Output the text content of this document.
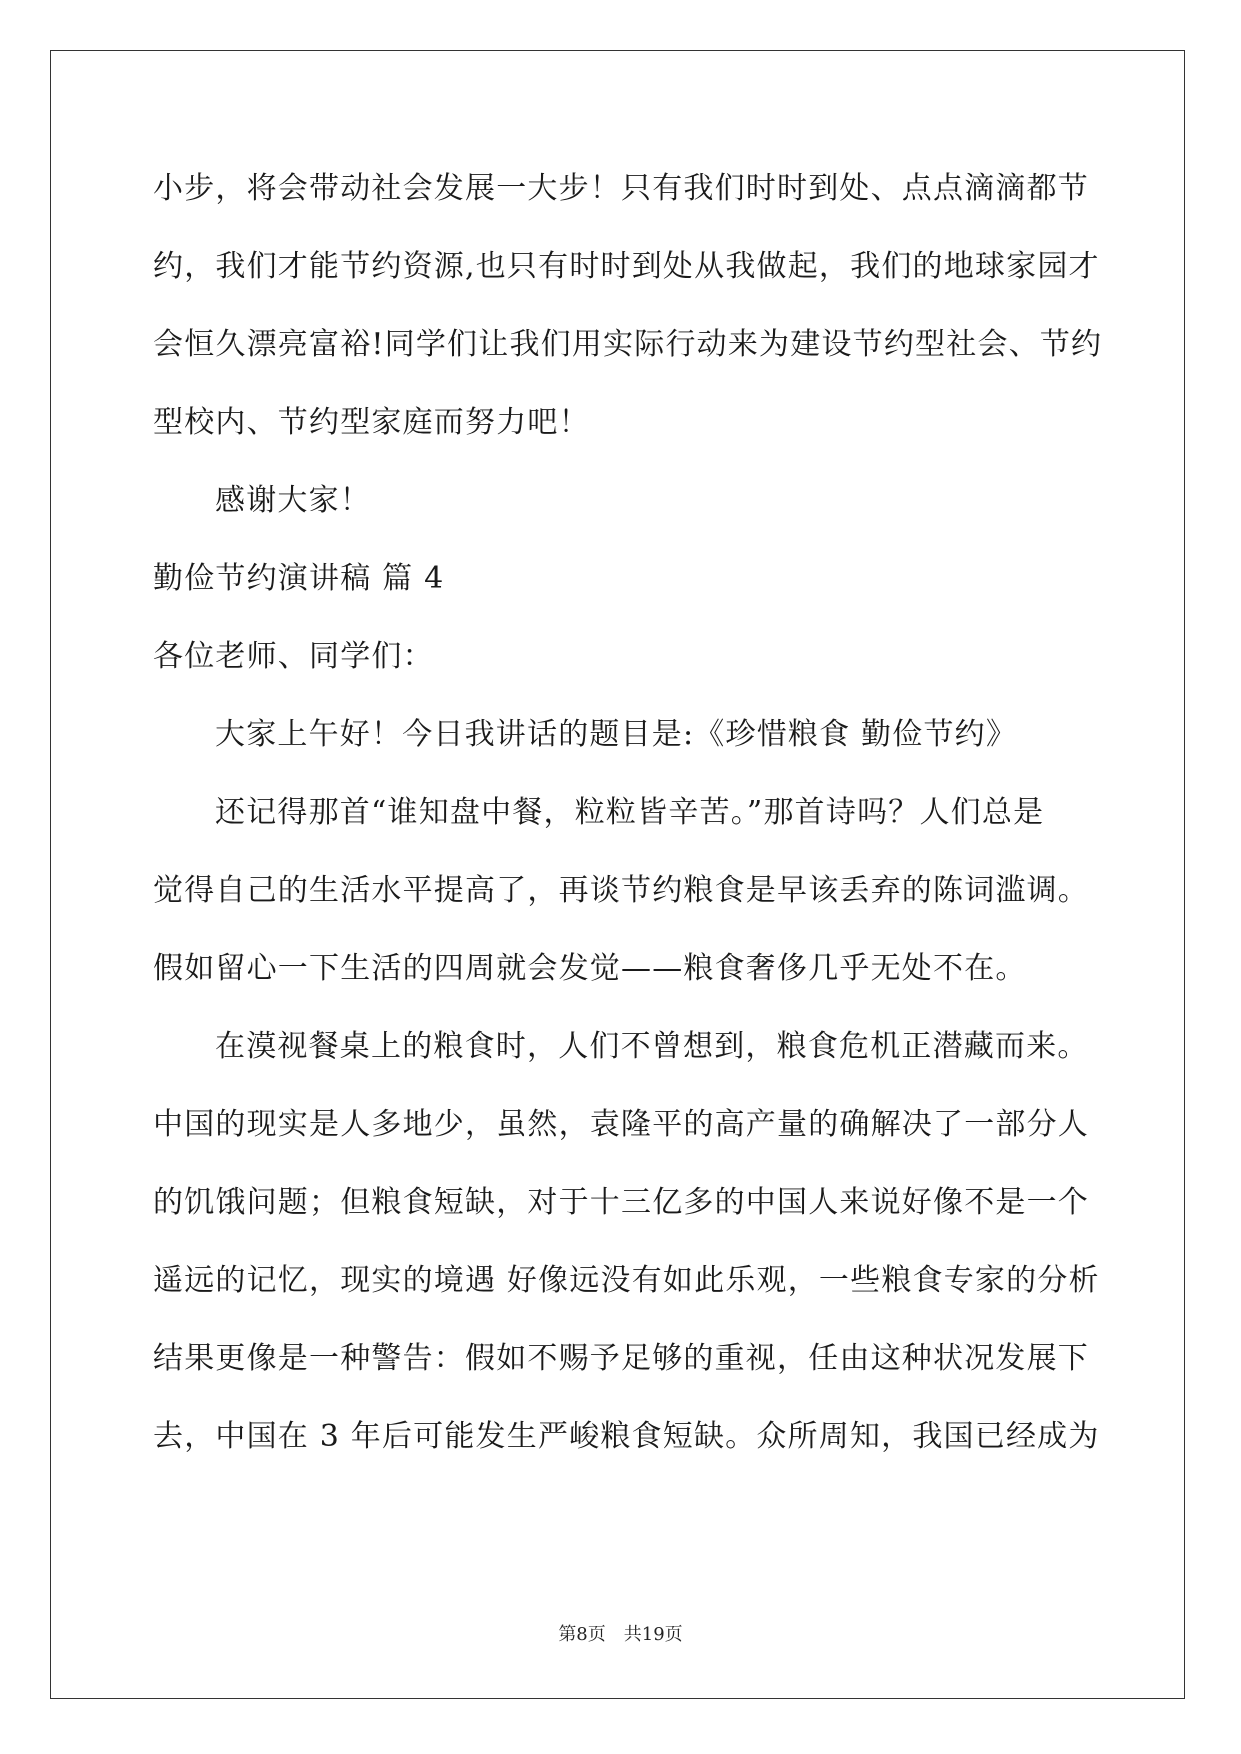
小步，将会带动社会发展一大步！只有我们时时到处、点点滴滴都节
约，我们才能节约资源,也只有时时到处从我做起，我们的地球家园才
会恒久漂亮富裕!同学们让我们用实际行动来为建设节约型社会、节约
型校内、节约型家庭而努力吧！
感谢大家！
勤俭节约演讲稿 篇 4
各位老师、同学们：
大家上午好！今日我讲话的题目是:《珍惜粮食 勤俭节约》
还记得那首“谁知盘中餐，粒粒皆辛苦。”那首诗吗？人们总是
觉得自己的生活水平提高了，再谈节约粮食是早该丢弃的陈词滥调。
假如留心一下生活的四周就会发觉——粮食奢侈几乎无处不在。
在漠视餐桌上的粮食时，人们不曾想到，粮食危机正潜藏而来。
中国的现实是人多地少，虽然，袁隆平的高产量的确解决了一部分人
的饥饿问题；但粮食短缺，对于十三亿多的中国人来说好像不是一个
遥远的记忆，现实的境遇 好像远没有如此乐观，一些粮食专家的分析
结果更像是一种警告：假如不赐予足够的重视，任由这种状况发展下
去，中国在 3 年后可能发生严峻粮食短缺。众所周知，我国已经成为
第8页　共19页
